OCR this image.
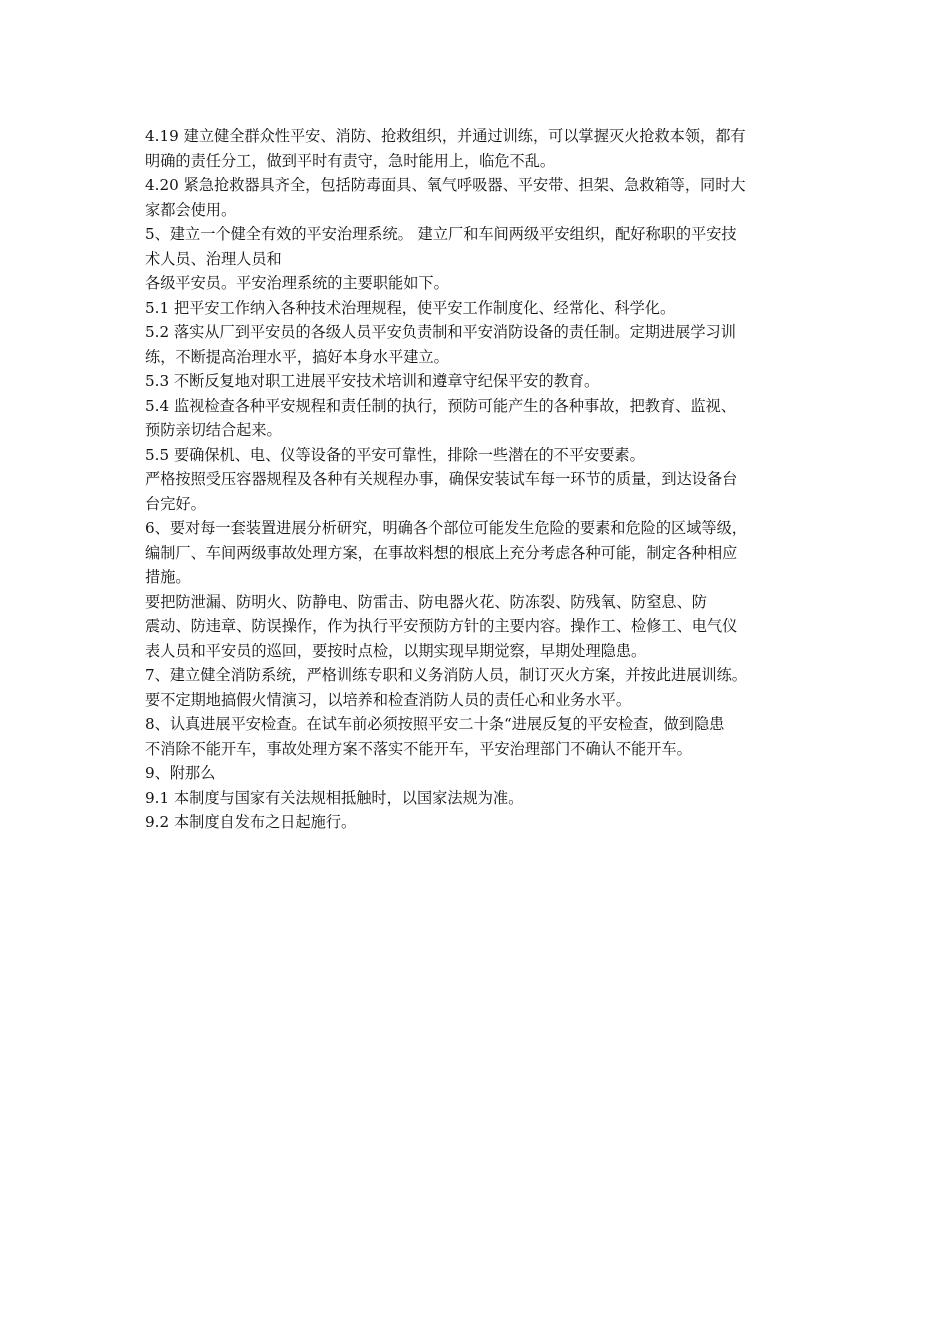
4.19 建立健全群众性平安、消防、抢救组织，并通过训练，可以掌握灭火抢救本领，都有
明确的责任分工，做到平时有责守，急时能用上，临危不乱。
4.20 紧急抢救器具齐全，包括防毒面具、氧气呼吸器、平安带、担架、急救箱等，同时大
家都会使用。
5、建立一个健全有效的平安治理系统。 建立厂和车间两级平安组织，配好称职的平安技
术人员、治理人员和
各级平安员。平安治理系统的主要职能如下。
5.1 把平安工作纳入各种技术治理规程，使平安工作制度化、经常化、科学化。
5.2 落实从厂到平安员的各级人员平安负责制和平安消防设备的责任制。定期进展学习训
练，不断提高治理水平，搞好本身水平建立。
5.3 不断反复地对职工进展平安技术培训和遵章守纪保平安的教育。
5.4 监视检查各种平安规程和责任制的执行，预防可能产生的各种事故，把教育、监视、
预防亲切结合起来。
5.5 要确保机、电、仪等设备的平安可靠性，排除一些潜在的不平安要素。
严格按照受压容器规程及各种有关规程办事，确保安装试车每一环节的质量，到达设备台
台完好。
6、要对每一套装置进展分析研究，明确各个部位可能发生危险的要素和危险的区域等级，
编制厂、车间两级事故处理方案，在事故料想的根底上充分考虑各种可能，制定各种相应
措施。
要把防泄漏、防明火、防静电、防雷击、防电器火花、防冻裂、防残氧、防窒息、防
震动、防违章、防误操作，作为执行平安预防方针的主要内容。操作工、检修工、电气仪
表人员和平安员的巡回，要按时点检，以期实现早期觉察，早期处理隐患。
7、建立健全消防系统，严格训练专职和义务消防人员，制订灭火方案，并按此进展训练。
要不定期地搞假火情演习，以培养和检查消防人员的责任心和业务水平。
8、认真进展平安检查。在试车前必须按照平安二十条“进展反复的平安检查，做到隐患
不消除不能开车，事故处理方案不落实不能开车，平安治理部门不确认不能开车。
9、附那么
9.1 本制度与国家有关法规相抵触时，以国家法规为准。
9.2 本制度自发布之日起施行。
